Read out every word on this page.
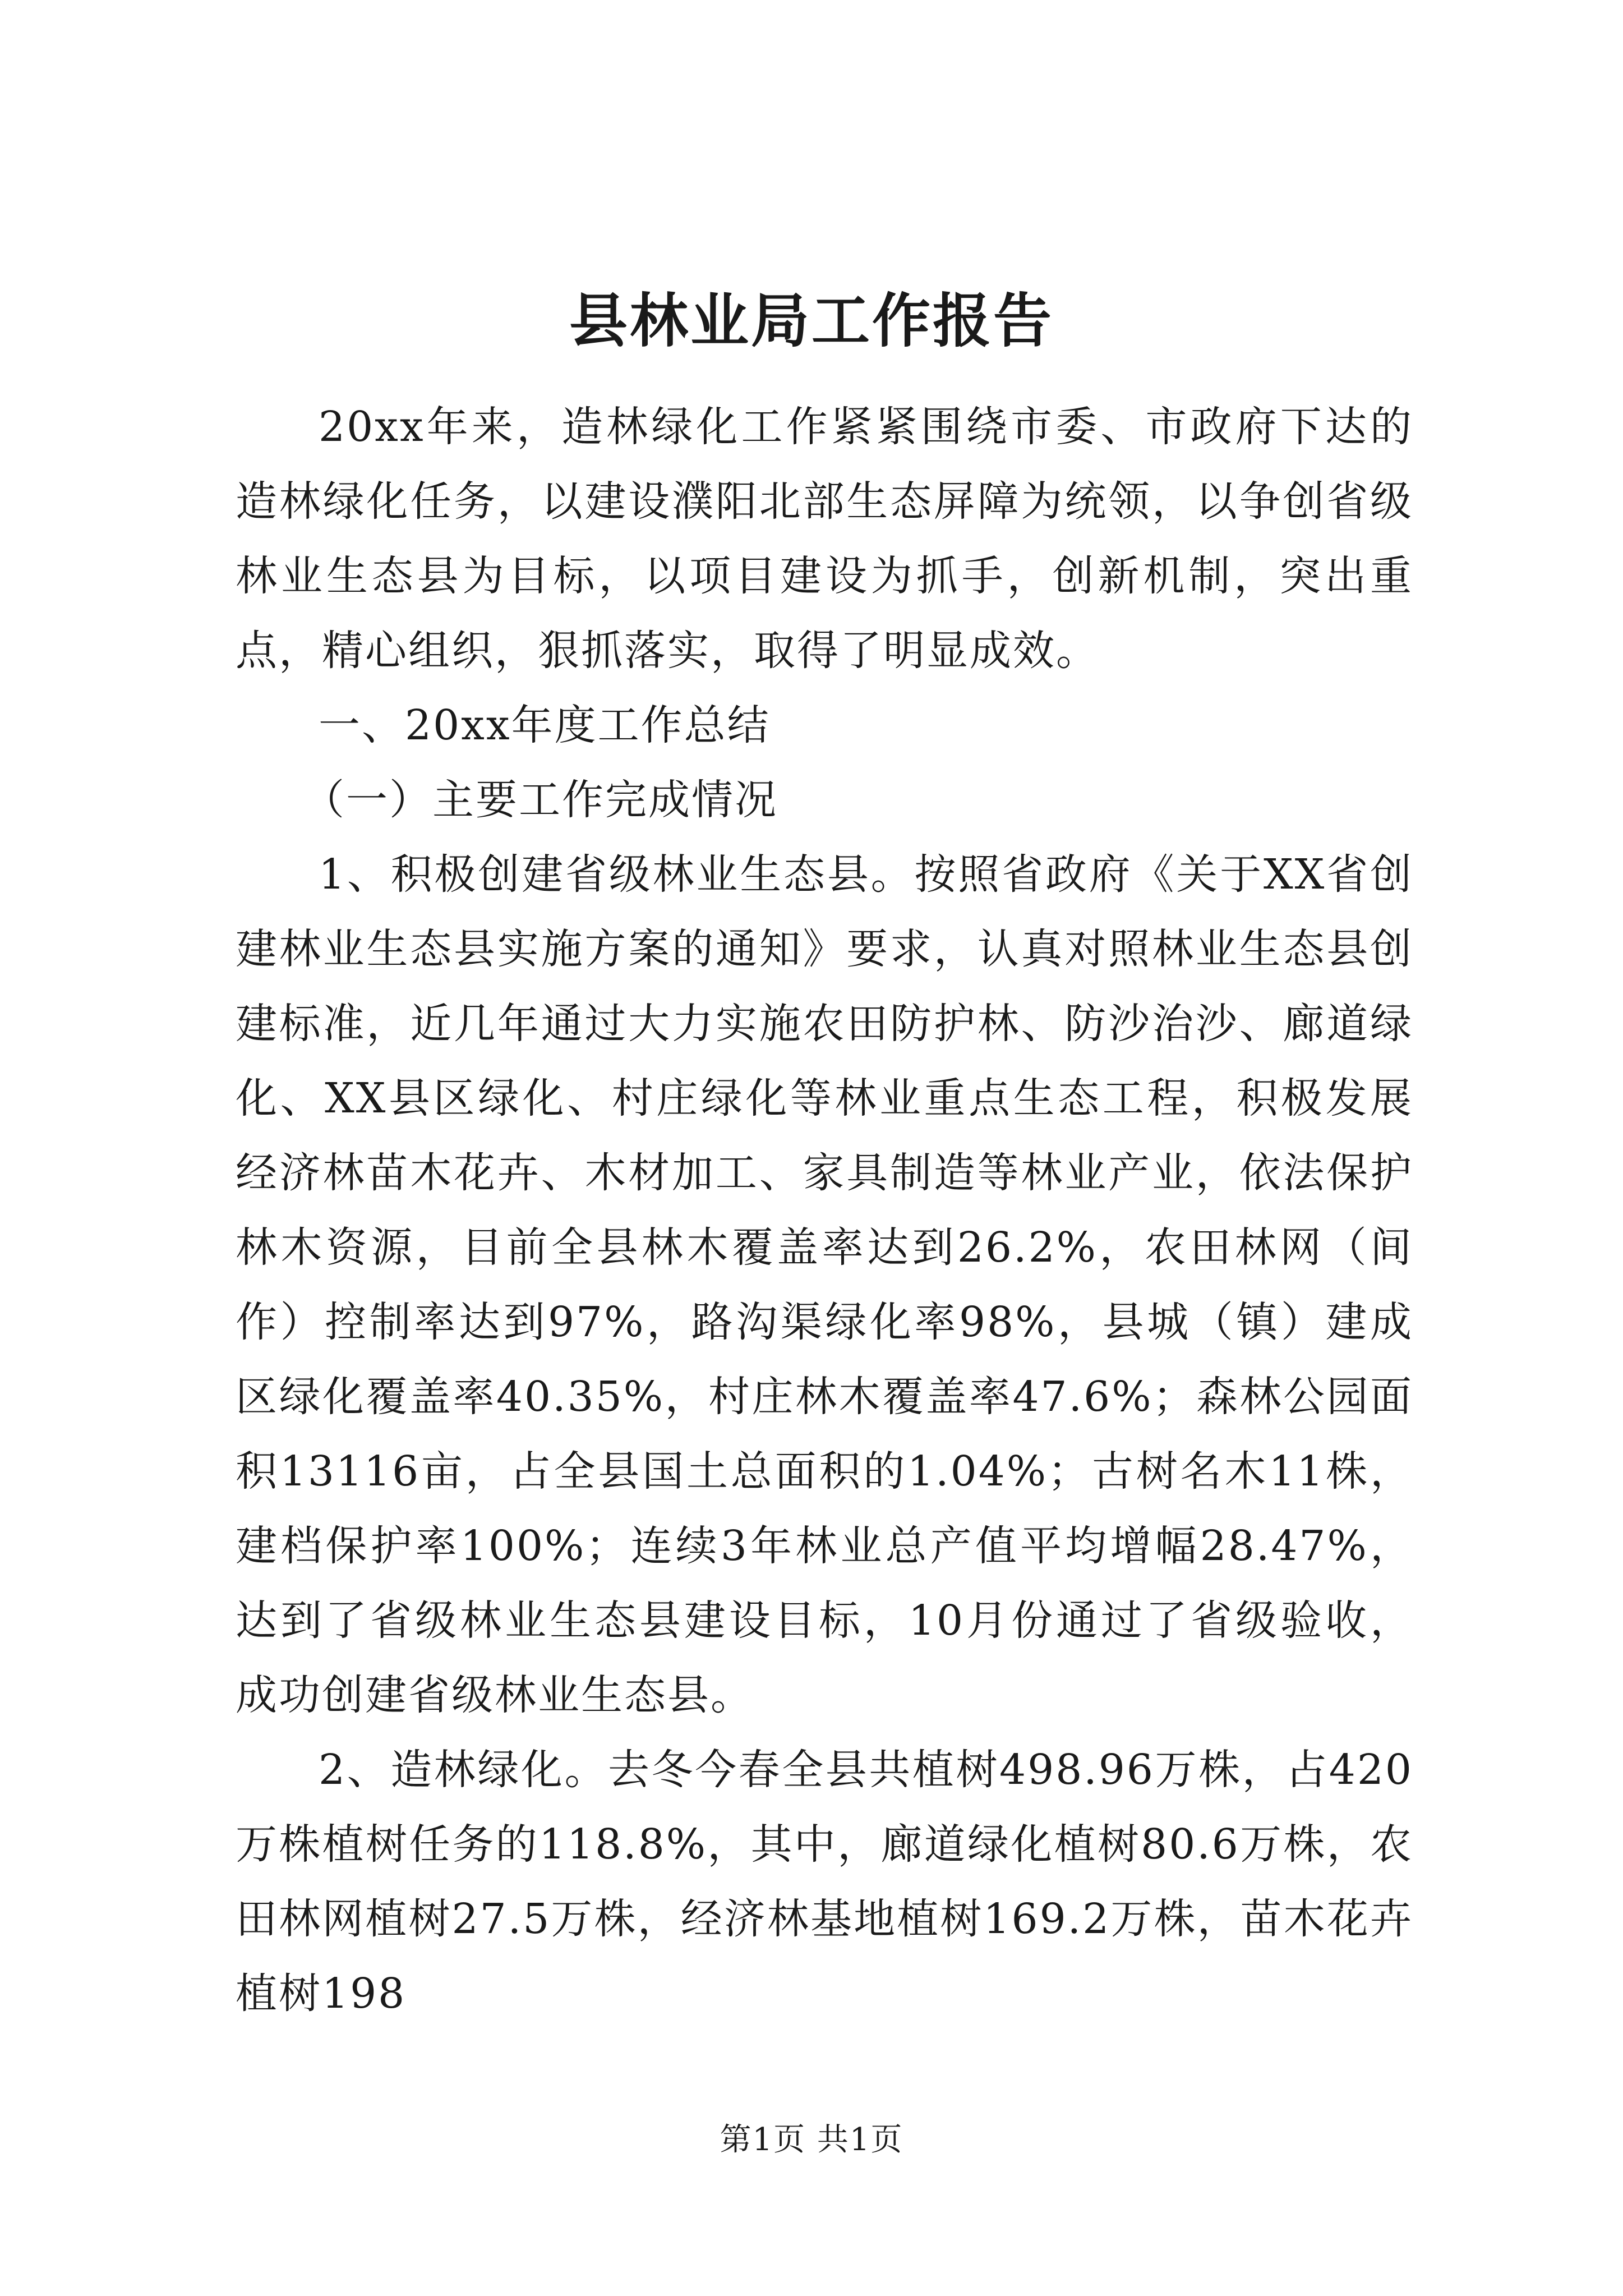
县林业局工作报告

20xx年来，造林绿化工作紧紧围绕市委、市政府下达的造林绿化任务，以建设濮阳北部生态屏障为统领，以争创省级林业生态县为目标，以项目建设为抓手，创新机制，突出重点，精心组织，狠抓落实，取得了明显成效。

一、20xx年度工作总结

（一）主要工作完成情况

1、积极创建省级林业生态县。按照省政府《关于XX省创建林业生态县实施方案的通知》要求，认真对照林业生态县创建标准，近几年通过大力实施农田防护林、防沙治沙、廊道绿化、XX县区绿化、村庄绿化等林业重点生态工程，积极发展经济林苗木花卉、木材加工、家具制造等林业产业，依法保护林木资源，目前全县林木覆盖率达到26.2%，农田林网（间作）控制率达到97%，路沟渠绿化率98%，县城（镇）建成区绿化覆盖率40.35%，村庄林木覆盖率47.6%；森林公园面积13116亩，占全县国土总面积的1.04%；古树名木11株，建档保护率100%；连续3年林业总产值平均增幅28.47%，达到了省级林业生态县建设目标，10月份通过了省级验收，成功创建省级林业生态县。

2、造林绿化。去冬今春全县共植树498.96万株，占420万株植树任务的118.8%，其中，廊道绿化植树80.6万株，农田林网植树27.5万株，经济林基地植树169.2万株，苗木花卉植树198

第1页 共1页
